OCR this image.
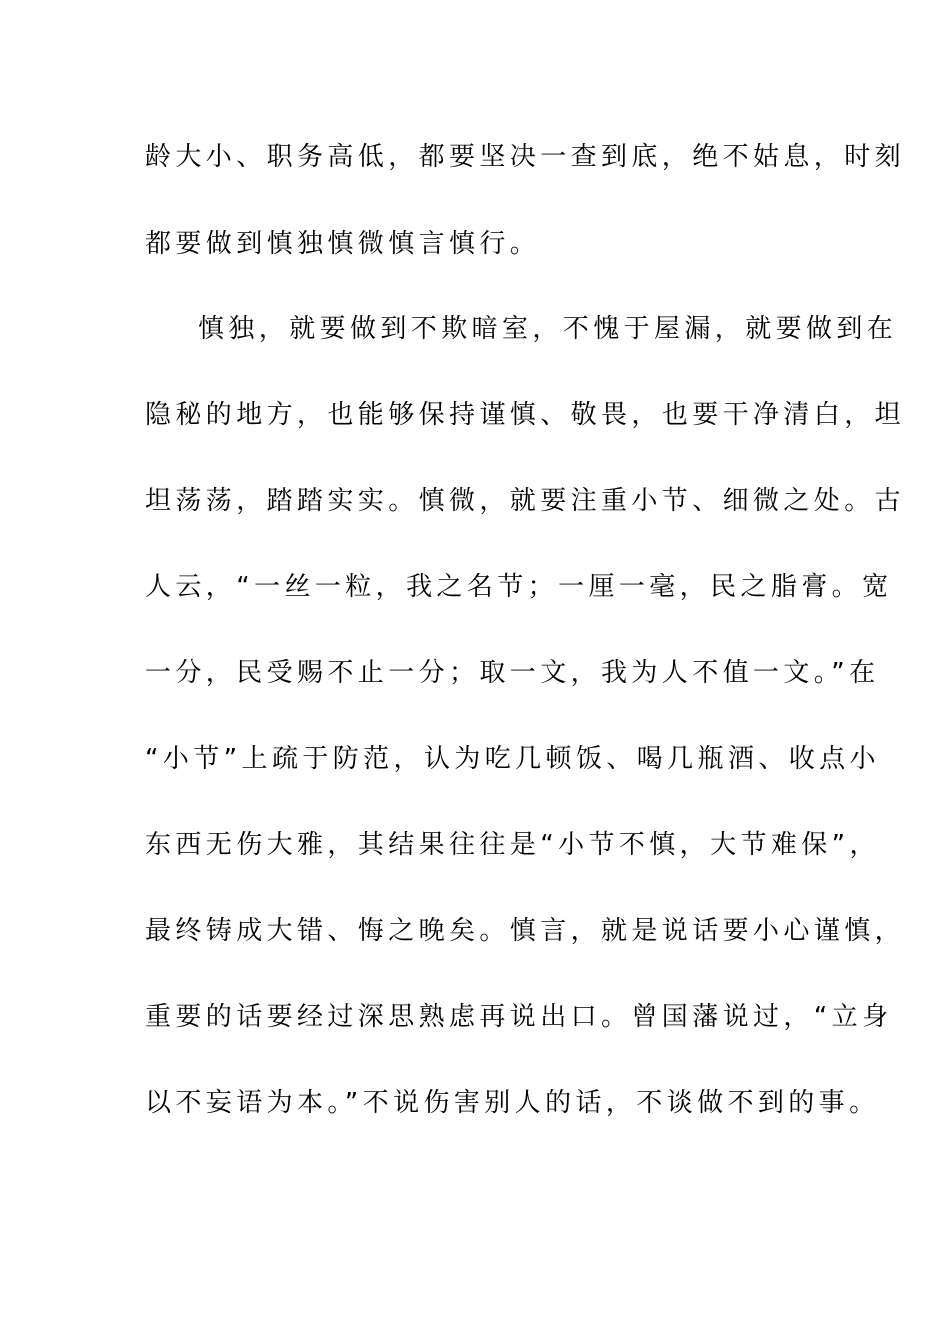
龄大小、职务高低，都要坚决一查到底，绝不姑息，时刻
都要做到慎独慎微慎言慎行。
慎独，就要做到不欺暗室，不愧于屋漏，就要做到在
隐秘的地方，也能够保持谨慎、敬畏，也要干净清白，坦
坦荡荡，踏踏实实。慎微，就要注重小节、细微之处。古
人云，“一丝一粒，我之名节；一厘一毫，民之脂膏。宽
一分，民受赐不止一分；取一文，我为人不值一文。”在
“小节”上疏于防范，认为吃几顿饭、喝几瓶酒、收点小
东西无伤大雅，其结果往往是“小节不慎，大节难保”，
最终铸成大错、悔之晚矣。慎言，就是说话要小心谨慎，
重要的话要经过深思熟虑再说出口。曾国藩说过，“立身
以不妄语为本。”不说伤害别人的话，不谈做不到的事。
